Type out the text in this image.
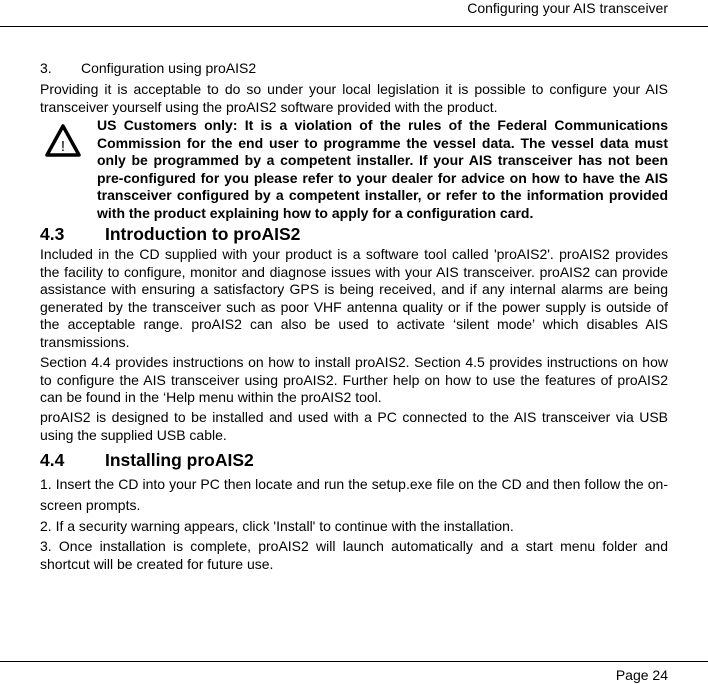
Configuring your AIS transceiver
3. Configuration using proAIS2

Providing it is acceptable to do so under your local legislation it is possible to configure your AIS transceiver yourself using the proAIS2 software provided with the product.

!

US Customers only: It is a violation of the rules of the Federal Communications Commission for the end user to programme the vessel data. The vessel data must only be programmed by a competent installer. If your AIS transceiver has not been pre-configured for you please refer to your dealer for advice on how to have the AIS transceiver configured by a competent installer, or refer to the information provided with the product explaining how to apply for a configuration card.

4.3 Introduction to proAIS2

Included in the CD supplied with your product is a software tool called 'proAIS2'. proAIS2 provides the facility to configure, monitor and diagnose issues with your AIS transceiver. proAIS2 can provide assistance with ensuring a satisfactory GPS is being received, and if any internal alarms are being generated by the transceiver such as poor VHF antenna quality or if the power supply is outside of the acceptable range. proAIS2 can also be used to activate ‘silent mode’ which disables AIS transmissions.

Section 4.4 provides instructions on how to install proAIS2. Section 4.5 provides instructions on how to configure the AIS transceiver using proAIS2. Further help on how to use the features of proAIS2 can be found in the ‘Help menu within the proAIS2 tool.

proAIS2 is designed to be installed and used with a PC connected to the AIS transceiver via USB using the supplied USB cable.

4.4 Installing proAIS2
1. Insert the CD into your PC then locate and run the setup.exe file on the CD and then follow the on-screen prompts.
2. If a security warning appears, click 'Install' to continue with the installation.
3. Once installation is complete, proAIS2 will launch automatically and a start menu folder and shortcut will be created for future use.
Page 24
